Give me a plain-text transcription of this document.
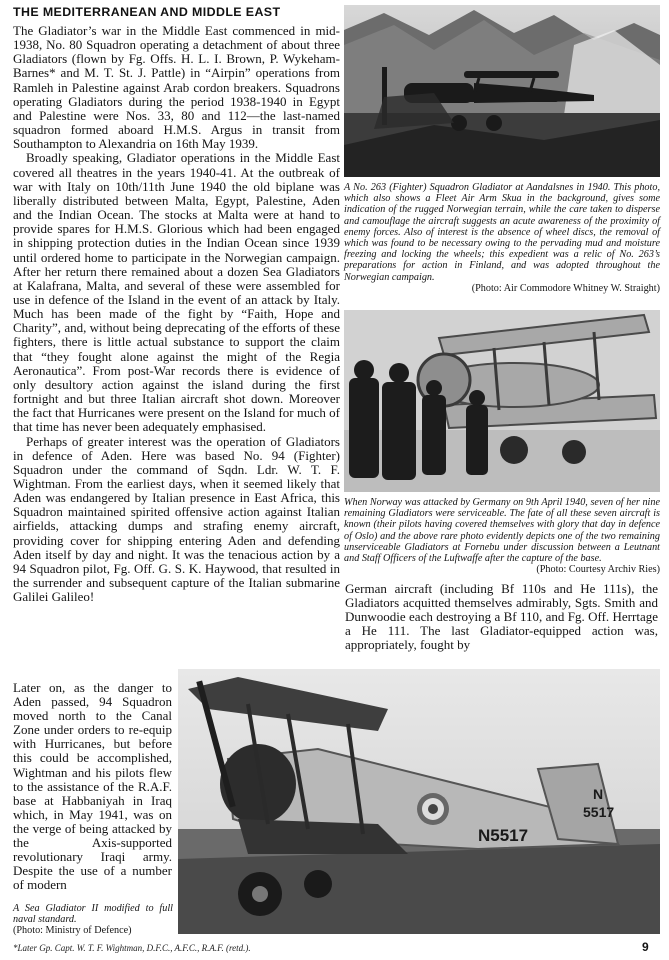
THE MEDITERRANEAN AND MIDDLE EAST

The Gladiator’s war in the Middle East commenced in mid-1938, No. 80 Squadron operating a detachment of about three Gladiators (flown by Fg. Offs. H. L. I. Brown, P. Wykeham-Barnes* and M. T. St. J. Pattle) in “Airpin” operations from Ramleh in Palestine against Arab cordon breakers. Squadrons operating Gladiators during the period 1938-1940 in Egypt and Palestine were Nos. 33, 80 and 112—the last-named squadron formed aboard H.M.S. Argus in transit from Southampton to Alexandria on 16th May 1939.

Broadly speaking, Gladiator operations in the Middle East covered all theatres in the years 1940-41. At the outbreak of war with Italy on 10th/11th June 1940 the old biplane was liberally distributed between Malta, Egypt, Palestine, Aden and the Indian Ocean. The stocks at Malta were at hand to provide spares for H.M.S. Glorious which had been engaged in shipping protection duties in the Indian Ocean since 1939 until ordered home to participate in the Norwegian campaign. After her return there remained about a dozen Sea Gladiators at Kalafrana, Malta, and several of these were assembled for use in defence of the Island in the event of an attack by Italy. Much has been made of the fight by “Faith, Hope and Charity”, and, without being deprecating of the efforts of these fighters, there is little actual substance to support the claim that “they fought alone against the might of the Regia Aeronautica”. From post-War records there is evidence of only desultory action against the island during the first fortnight and but three Italian aircraft shot down. Moreover the fact that Hurricanes were present on the Island for much of that time has never been adequately emphasised.

Perhaps of greater interest was the operation of Gladiators in defence of Aden. Here was based No. 94 (Fighter) Squadron under the command of Sqdn. Ldr. W. T. F. Wightman. From the earliest days, when it seemed likely that Aden was endangered by Italian presence in East Africa, this Squadron maintained spirited offensive action against Italian airfields, attacking dumps and strafing enemy aircraft, providing cover for shipping entering Aden and defending Aden itself by day and night. It was the tenacious action by a 94 Squadron pilot, Fg. Off. G. S. K. Haywood, that resulted in the surrender and subsequent capture of the Italian submarine Galilei Galileo!

Later on, as the danger to Aden passed, 94 Squadron moved north to the Canal Zone under orders to re-equip with Hurricanes, but before this could be accomplished, Wightman and his pilots flew to the assistance of the R.A.F. base at Habbaniyah in Iraq which, in May 1941, was on the verge of being attacked by the Axis-supported revolutionary Iraqi army. Despite the use of a number of modern

German aircraft (including Bf 110s and He 111s), the Gladiators acquitted themselves admirably, Sgts. Smith and Dunwoodie each destroying a Bf 110, and Fg. Off. Herrtage a He 111. The last Gladiator-equipped action was, appropriately, fought by

A No. 263 (Fighter) Squadron Gladiator at Aandalsnes in 1940. This photo, which also shows a Fleet Air Arm Skua in the background, gives some indication of the rugged Norwegian terrain, while the care taken to disperse and camouflage the aircraft suggests an acute awareness of the proximity of enemy forces. Also of interest is the absence of wheel discs, the removal of which was found to be necessary owing to the pervading mud and moisture freezing and locking the wheels; this expedient was a relic of No. 263’s preparations for action in Finland, and was adopted throughout the Norwegian campaign.
(Photo: Air Commodore Whitney W. Straight)
When Norway was attacked by Germany on 9th April 1940, seven of her nine remaining Gladiators were serviceable. The fate of all these seven aircraft is known (their pilots having covered themselves with glory that day in defence of Oslo) and the above rare photo evidently depicts one of the two remaining unserviceable Gladiators at Fornebu under discussion between a Leutnant and Staff Officers of the Luftwaffe after the capture of the base.
(Photo: Courtesy Archiv Ries)
N5517
N
5517
A Sea Gladiator II modified to full naval standard.
(Photo: Ministry of Defence)
*Later Gp. Capt. W. T. F. Wightman, D.F.C., A.F.C., R.A.F. (retd.).	9
